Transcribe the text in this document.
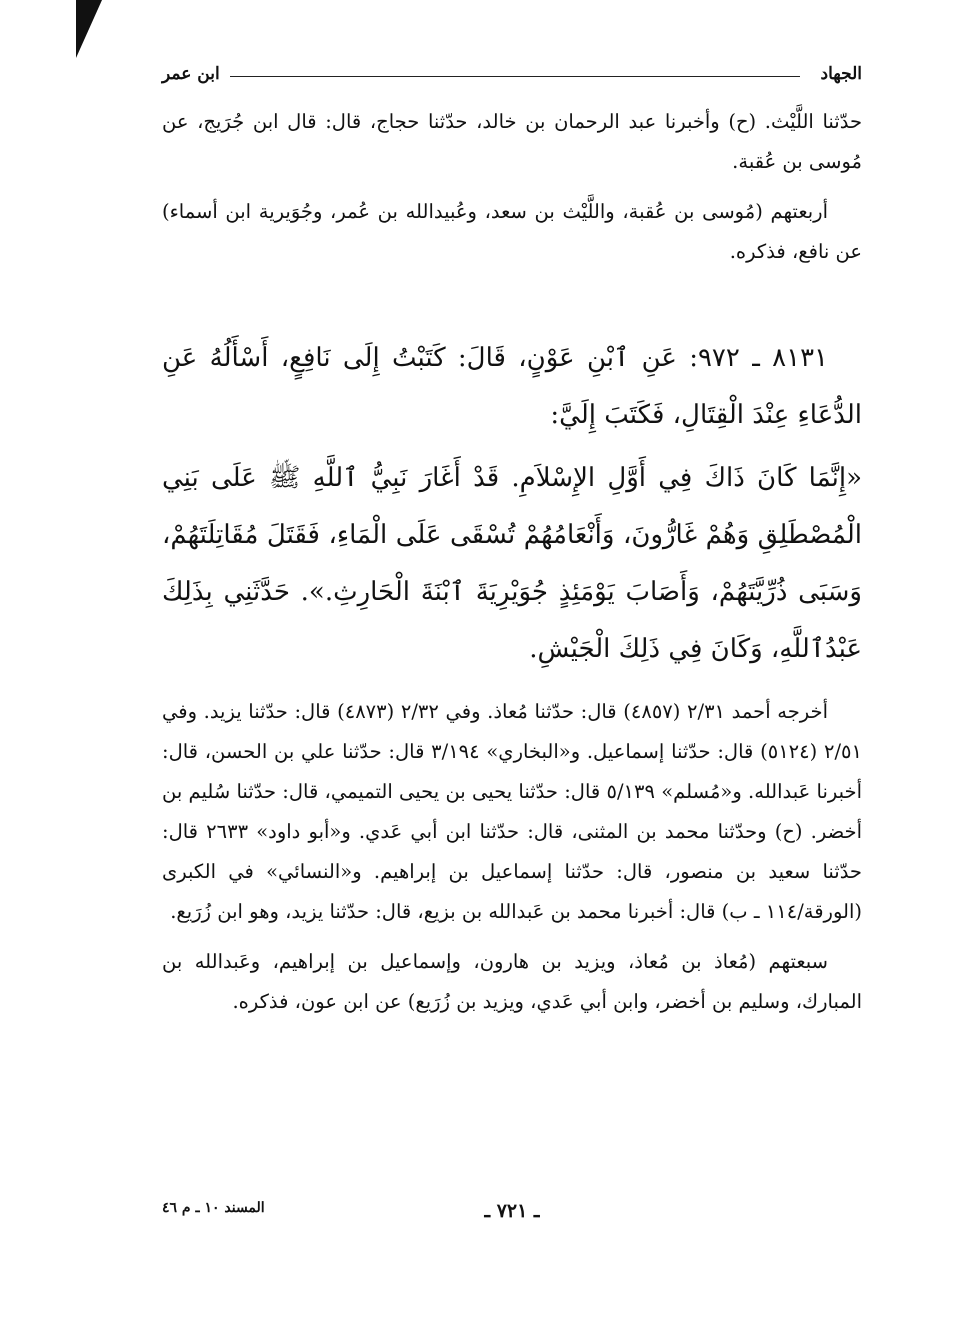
الجهاد
ابن عمر

حدّثنا اللَّيْث. (ح) وأخبرنا عبد الرحمان بن خالد، حدّثنا حجاج، قال: قال ابن جُرَيج، عن مُوسى بن عُقبة.

أربعتهم (مُوسى بن عُقبة، واللَّيْث بن سعد، وعُبيدالله بن عُمر، وجُوَيرية ابن أسماء) عن نافع، فذكره.

٨١٣١ ـ ٩٧٢: عَنِ ٱبْنِ عَوْنٍ، قَالَ: كَتَبْتُ إِلَى نَافِعٍ، أَسْأَلُهُ عَنِ الدُّعَاءِ عِنْدَ الْقِتَالِ، فَكَتَبَ إِلَيَّ:

«إِنَّمَا كَانَ ذَاكَ فِي أَوَّلِ الإِسْلاَمِ. قَدْ أَغَارَ نَبِيُّ ٱللَّهِ ﷺ عَلَى بَنِي الْمُصْطَلِقِ وَهُمْ غَارُّونَ، وَأَنْعَامُهُمْ تُسْقَى عَلَى الْمَاءِ، فَقَتَلَ مُقَاتِلَتَهُمْ، وَسَبَى ذُرِّيَّتَهُمْ، وَأَصَابَ يَوْمَئِذٍ جُوَيْرِيَةَ ٱبْنَةَ الْحَارِثِ.». حَدَّثَنِي بِذَلِكَ عَبْدُٱللَّهِ، وَكَانَ فِي ذَلِكَ الْجَيْشِ.

أخرجه أحمد ٢/٣١ (٤٨٥٧) قال: حدّثنا مُعاذ. وفي ٢/٣٢ (٤٨٧٣) قال: حدّثنا يزيد. وفي ٢/٥١ (٥١٢٤) قال: حدّثنا إسماعيل. و«البخاري» ٣/١٩٤ قال: حدّثنا علي بن الحسن، قال: أخبرنا عَبدالله. و«مُسلم» ٥/١٣٩ قال: حدّثنا يحيى بن يحيى التميمي، قال: حدّثنا سُليم بن أخضر. (ح) وحدّثنا محمد بن المثنى، قال: حدّثنا ابن أبي عَدي. و«أبو داود» ٢٦٣٣ قال: حدّثنا سعيد بن منصور، قال: حدّثنا إسماعيل بن إبراهيم. و«النسائي» في الكبرى (الورقة/١١٤ ـ ب) قال: أخبرنا محمد بن عَبدالله بن بزيع، قال: حدّثنا يزيد، وهو ابن زُرَيع.

سبعتهم (مُعاذ بن مُعاذ، ويزيد بن هارون، وإسماعيل بن إبراهيم، وعَبدالله بن المبارك، وسليم بن أخضر، وابن أبي عَدي، ويزيد بن زُرَيع) عن ابن عون، فذكره.

ـ ٧٢١ ـ
المسند ١٠ ـ م ٤٦
